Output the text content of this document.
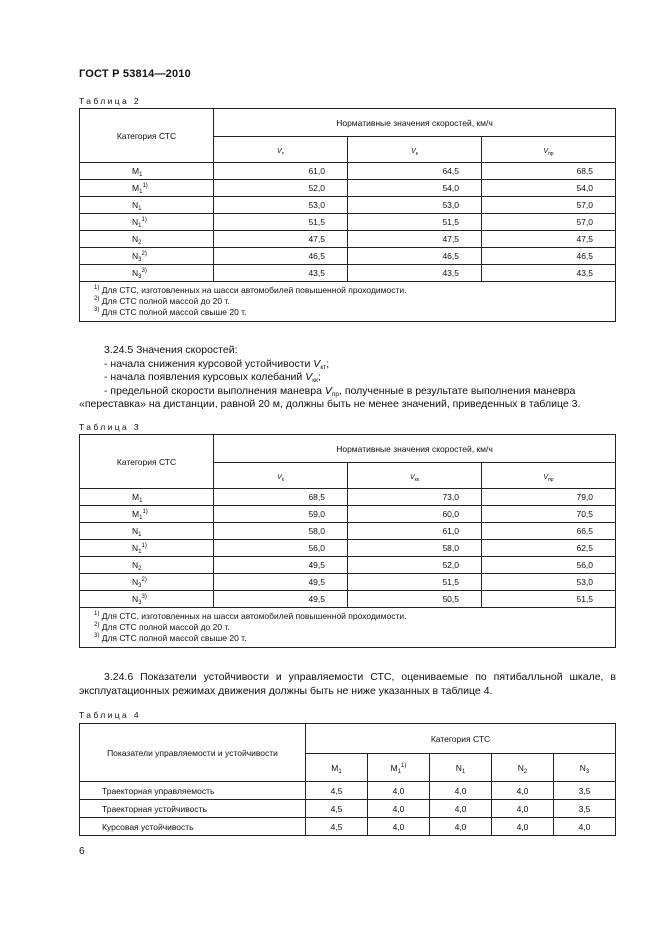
ГОСТ Р 53814—2010
Таблица 2
Категория СТС	Нормативные значения скоростей, км/ч		
	$V_т$	$V_к$	$V_{пр}$
$M_1$	61,0	64,5	68,5
$M_1^{1)}$	52,0	54,0	54,0
$N_1$	53,0	53,0	57,0
$N_1^{1)}$	51,5	51,5	57,0
$N_2$	47,5	47,5	47,5
$N_3^{2)}$	46,5	46,5	46,5
$N_3^{3)}$	43,5	43,5	43,5

$^{1)}$ Для СТС, изготовленных на шасси автомобилей повышенной проходимости.
$^{2)}$ Для СТС полной массой до 20 т.
$^{3)}$ Для СТС полной массой свыше 20 т.			
3.24.5 Значения скоростей:
- начала снижения курсовой устойчивости Vкт;
- начала появления курсовых колебаний Vкк;
- предельной скорости выполнения маневра Vпр, полученные в результате выполнения маневра
«переставка» на дистанции, равной 20 м, должны быть не менее значений, приведенных в таблице 3.
Таблица 3
Категория СТС	Нормативные значения скоростей, км/ч		
	$V_к$	$V_{кк}$	$V_{пр}$
$M_1$	68,5	73,0	79,0
$M_1^{1)}$	59,0	60,0	70,5
$N_1$	58,0	61,0	66,5
$N_1^{1)}$	56,0	58,0	62,5
$N_2$	49,5	52,0	56,0
$N_3^{2)}$	49,5	51,5	53,0
$N_3^{3)}$	49,5	50,5	51,5

$^{1)}$ Для СТС, изготовленных на шасси автомобилей повышенной проходимости.
$^{2)}$ Для СТС полной массой до 20 т.
$^{3)}$ Для СТС полной массой свыше 20 т.			
3.24.6 Показатели устойчивости и управляемости СТС, оцениваемые по пятибалльной шкале, в
эксплуатационных режимах движения должны быть не ниже указанных в таблице 4.
Таблица 4
Показатели управляемости и устойчивости	Категория СТС				
	$M_1$	$M_1^{1)}$	$N_1$	$N_2$	$N_3$
Траекторная управляемость	4,5	4,0	4,0	4,0	3,5
Траекторная устойчивость	4,5	4,0	4,0	4,0	3,5
Курсовая устойчивость	4,5	4,0	4,0	4,0	4,0
6
